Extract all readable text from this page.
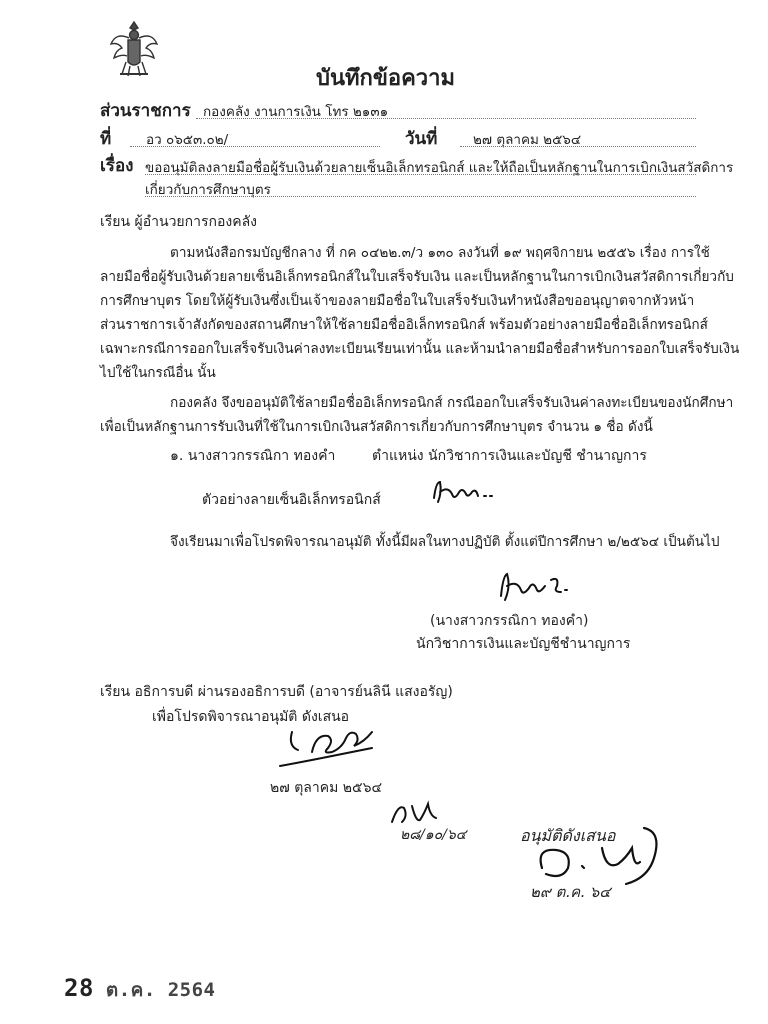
บันทึกข้อความ
ส่วนราชการ กองคลัง งานการเงิน โทร ๒๑๓๑
ที่	อว ๐๖๕๓.๐๒/	วันที่	๒๗ ตุลาคม ๒๕๖๔
เรื่อง ขออนุมัติลงลายมือชื่อผู้รับเงินด้วยลายเซ็นอิเล็กทรอนิกส์ และให้ถือเป็นหลักฐานในการเบิกเงินสวัสดิการ
เกี่ยวกับการศึกษาบุตร
เรียน ผู้อำนวยการกองคลัง
ตามหนังสือกรมบัญชีกลาง ที่ กค ๐๔๒๒.๓/ว ๑๓๐ ลงวันที่ ๑๙ พฤศจิกายน ๒๕๕๖ เรื่อง การใช้
ลายมือชื่อผู้รับเงินด้วยลายเซ็นอิเล็กทรอนิกส์ในใบเสร็จรับเงิน และเป็นหลักฐานในการเบิกเงินสวัสดิการเกี่ยวกับ
การศึกษาบุตร โดยให้ผู้รับเงินซึ่งเป็นเจ้าของลายมือชื่อในใบเสร็จรับเงินทำหนังสือขออนุญาตจากหัวหน้า
ส่วนราชการเจ้าสังกัดของสถานศึกษาให้ใช้ลายมือชื่ออิเล็กทรอนิกส์ พร้อมตัวอย่างลายมือชื่ออิเล็กทรอนิกส์
เฉพาะกรณีการออกใบเสร็จรับเงินค่าลงทะเบียนเรียนเท่านั้น และห้ามนำลายมือชื่อสำหรับการออกใบเสร็จรับเงิน
ไปใช้ในกรณีอื่น นั้น
กองคลัง จึงขออนุมัติใช้ลายมือชื่ออิเล็กทรอนิกส์ กรณีออกใบเสร็จรับเงินค่าลงทะเบียนของนักศึกษา
เพื่อเป็นหลักฐานการรับเงินที่ใช้ในการเบิกเงินสวัสดิการเกี่ยวกับการศึกษาบุตร จำนวน ๑ ชื่อ ดังนี้
๑. นางสาวกรรณิกา ทองคำ	ตำแหน่ง นักวิชาการเงินและบัญชี ชำนาญการ
ตัวอย่างลายเซ็นอิเล็กทรอนิกส์
จึงเรียนมาเพื่อโปรดพิจารณาอนุมัติ ทั้งนี้มีผลในทางปฏิบัติ ตั้งแต่ปีการศึกษา ๒/๒๕๖๔ เป็นต้นไป
(นางสาวกรรณิกา ทองคำ)
นักวิชาการเงินและบัญชีชำนาญการ
เรียน อธิการบดี ผ่านรองอธิการบดี (อาจารย์นลินี แสงอรัญ)
เพื่อโปรดพิจารณาอนุมัติ ดังเสนอ
๒๗ ตุลาคม ๒๕๖๔
๒๘/๑๐/๖๔	อนุมัติดังเสนอ
๒๙ ต.ค. ๖๔
28 ต.ค. 2564
